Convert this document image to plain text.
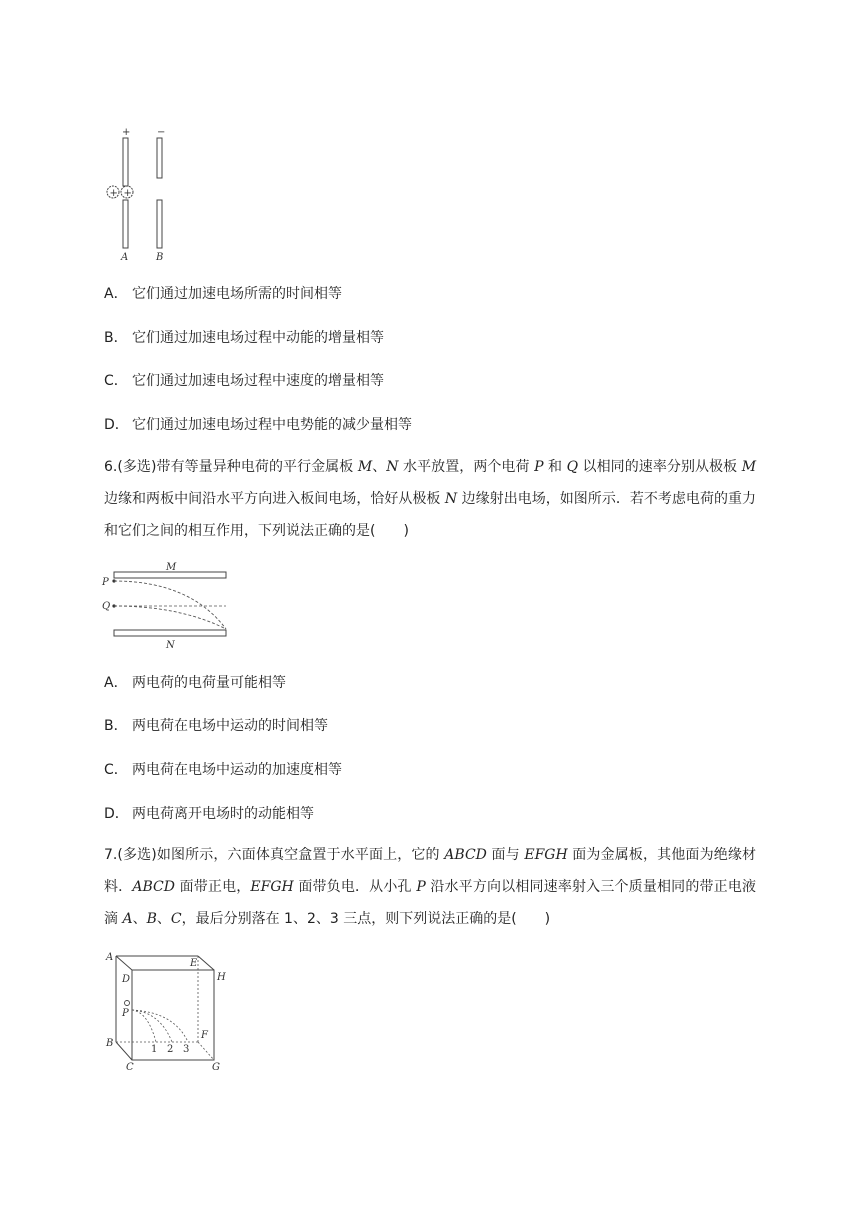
+	−
+ +
A	B
A． 它们通过加速电场所需的时间相等
B． 它们通过加速电场过程中动能的增量相等
C． 它们通过加速电场过程中速度的增量相等
D． 它们通过加速电场过程中电势能的减少量相等
6.(多选)带有等量异种电荷的平行金属板 M、N 水平放置，两个电荷 P 和 Q 以相同的速率分别从极板 M 边缘和两板中间沿水平方向进入板间电场，恰好从极板 N 边缘射出电场，如图所示．若不考虑电荷的重力和它们之间的相互作用，下列说法正确的是(　　)
M
N
P
Q
A． 两电荷的电荷量可能相等
B． 两电荷在电场中运动的时间相等
C． 两电荷在电场中运动的加速度相等
D． 两电荷离开电场时的动能相等
7.(多选)如图所示，六面体真空盒置于水平面上，它的 ABCD 面与 EFGH 面为金属板，其他面为绝缘材料．ABCD 面带正电，EFGH 面带负电．从小孔 P 沿水平方向以相同速率射入三个质量相同的带正电液滴 A、B、C，最后分别落在 1、2、3 三点，则下列说法正确的是(　　)
A
D
P
B
C
E
H
F
G
1 2 3
